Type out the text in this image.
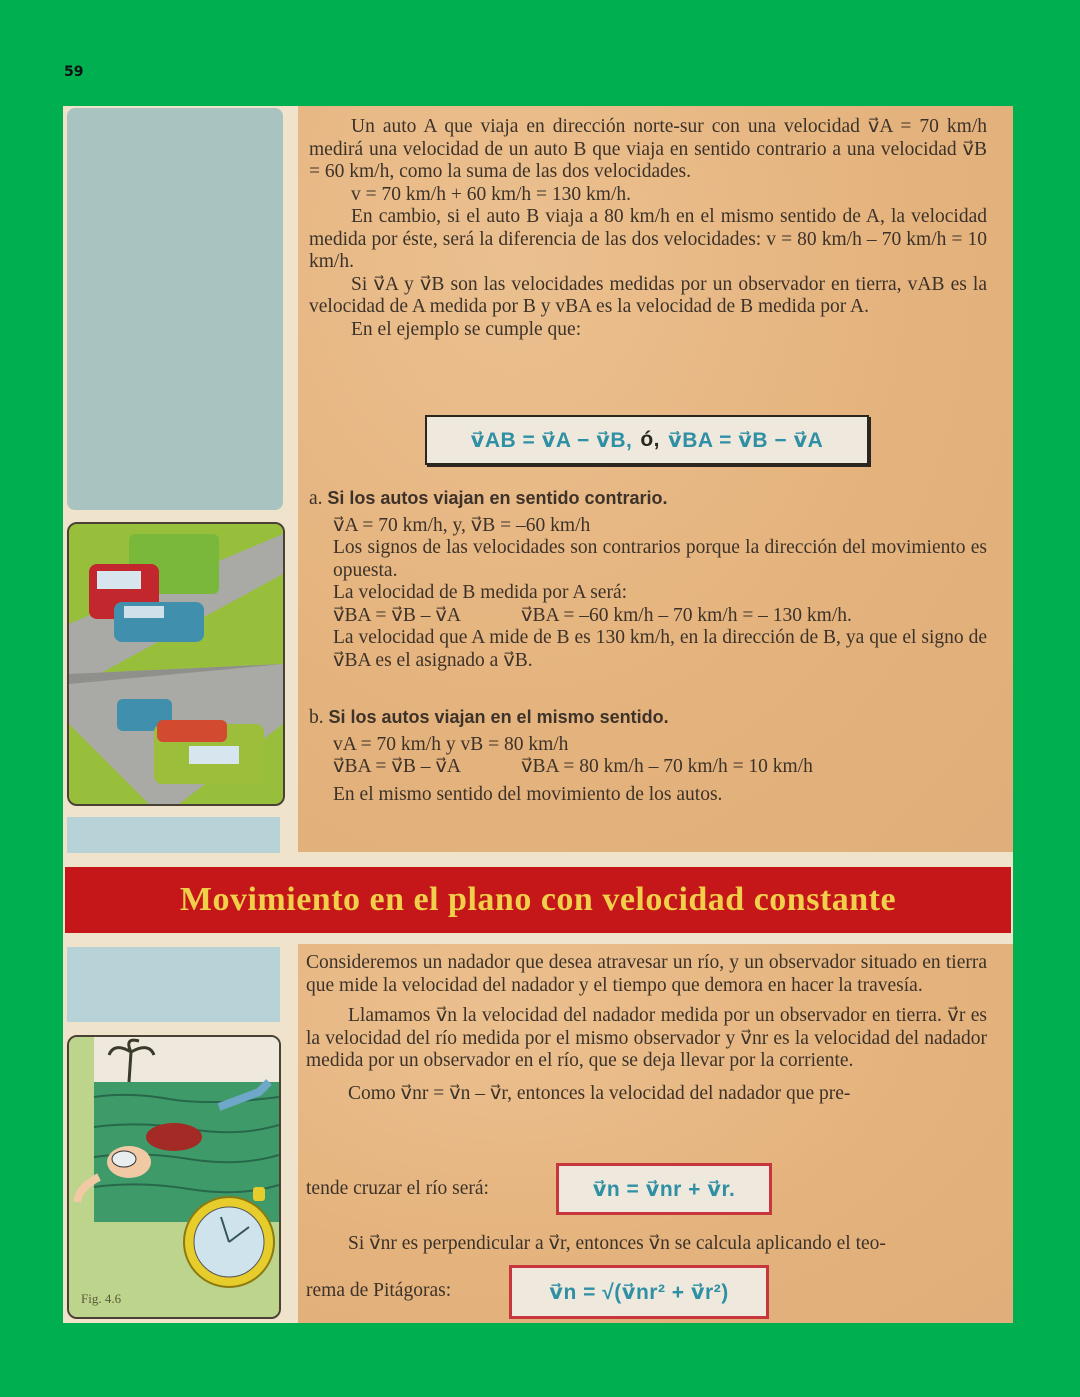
59
Movimiento en el plano con velocidad constante
Fig. 4.6

Un auto A que viaja en dirección norte-sur con una velocidad v⃗A = 70 km/h medirá una velocidad de un auto B que viaja en sentido contrario a una velocidad v⃗B = 60 km/h, como la suma de las dos velocidades.

v = 70 km/h + 60 km/h = 130 km/h.

En cambio, si el auto B viaja a 80 km/h en el mismo sentido de A, la velocidad medida por éste, será la diferencia de las dos velocidades: v = 80 km/h – 70 km/h = 10 km/h.

Si v⃗A y v⃗B son las velocidades medidas por un observador en tierra, vAB es la velocidad de A medida por B y vBA es la velocidad de B medida por A.

En el ejemplo se cumple que:

v⃗AB = v⃗A − v⃗B, ó, v⃗BA = v⃗B − v⃗A

a. Si los autos viajan en sentido contrario.

v⃗A = 70 km/h, y, v⃗B = –60 km/h

Los signos de las velocidades son contrarios porque la dirección del movimiento es opuesta.

La velocidad de B medida por A será:

v⃗BA = v⃗B – v⃗A	v⃗BA = –60 km/h – 70 km/h = – 130 km/h.

La velocidad que A mide de B es 130 km/h, en la dirección de B, ya que el signo de v⃗BA es el asignado a v⃗B.

b. Si los autos viajan en el mismo sentido.

vA = 70 km/h y vB = 80 km/h

v⃗BA = v⃗B – v⃗A	v⃗BA = 80 km/h – 70 km/h = 10 km/h

En el mismo sentido del movimiento de los autos.

Consideremos un nadador que desea atravesar un río, y un observador situado en tierra que mide la velocidad del nadador y el tiempo que demora en hacer la travesía.

Llamamos v⃗n la velocidad del nadador medida por un observador en tierra. v⃗r es la velocidad del río medida por el mismo observador y v⃗nr es la velocidad del nadador medida por un observador en el río, que se deja llevar por la corriente.

Como v⃗nr = v⃗n – v⃗r, entonces la velocidad del nadador que pre-

tende cruzar el río será:	v⃗n = v⃗nr + v⃗r.
Si v⃗nr es perpendicular a v⃗r, entonces v⃗n se calcula aplicando el teo-
rema de Pitágoras:	v⃗n = √(v⃗nr² + v⃗r²)
